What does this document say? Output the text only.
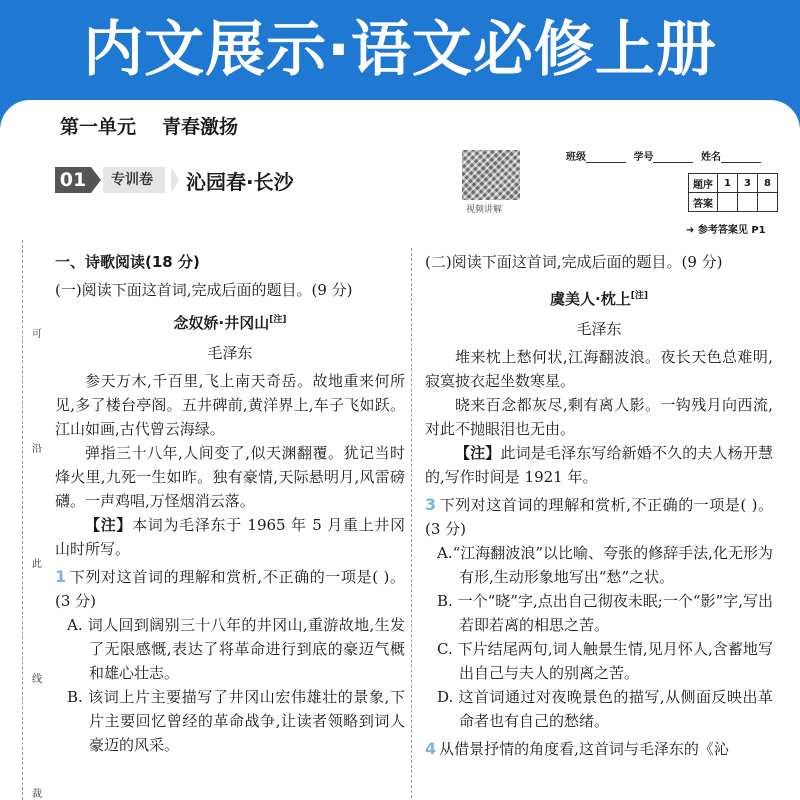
内文展示·语文必修上册
第一单元 青春激扬
01	专训卷	沁园春·长沙
视频讲解
班级	学号	姓名
题序	1	3	8
答案			
➜ 参考答案见 P1
可
沿
此
线
裁

一、诗歌阅读(18 分)

(一)阅读下面这首词,完成后面的题目。(9 分)

念奴娇·井冈山[注]

毛泽东

参天万木,千百里,飞上南天奇岳。故地重来何所见,多了楼台亭阁。五井碑前,黄洋界上,车子飞如跃。江山如画,古代曾云海绿。

弹指三十八年,人间变了,似天渊翻覆。犹记当时烽火里,九死一生如昨。独有豪情,天际悬明月,风雷磅礴。一声鸡唱,万怪烟消云落。

【注】本词为毛泽东于 1965 年 5 月重上井冈山时所写。

1 下列对这首词的理解和赏析,不正确的一项是( )。(3 分)

A. 词人回到阔别三十八年的井冈山,重游故地,生发了无限感慨,表达了将革命进行到底的豪迈气概和雄心壮志。

B. 该词上片主要描写了井冈山宏伟雄壮的景象,下片主要回忆曾经的革命战争,让读者领略到词人豪迈的风采。

(二)阅读下面这首词,完成后面的题目。(9 分)

虞美人·枕上[注]

毛泽东

堆来枕上愁何状,江海翻波浪。夜长天色总难明,寂寞披衣起坐数寒星。

晓来百念都灰尽,剩有离人影。一钩残月向西流,对此不抛眼泪也无由。

【注】此词是毛泽东写给新婚不久的夫人杨开慧的,写作时间是 1921 年。

3 下列对这首词的理解和赏析,不正确的一项是( )。(3 分)

A.“江海翻波浪”以比喻、夸张的修辞手法,化无形为有形,生动形象地写出“愁”之状。

B. 一个“晓”字,点出自己彻夜未眠;一个“影”字,写出若即若离的相思之苦。

C. 下片结尾两句,词人触景生情,见月怀人,含蓄地写出自己与夫人的别离之苦。

D. 这首词通过对夜晚景色的描写,从侧面反映出革命者也有自己的愁绪。

4 从借景抒情的角度看,这首词与毛泽东的《沁
